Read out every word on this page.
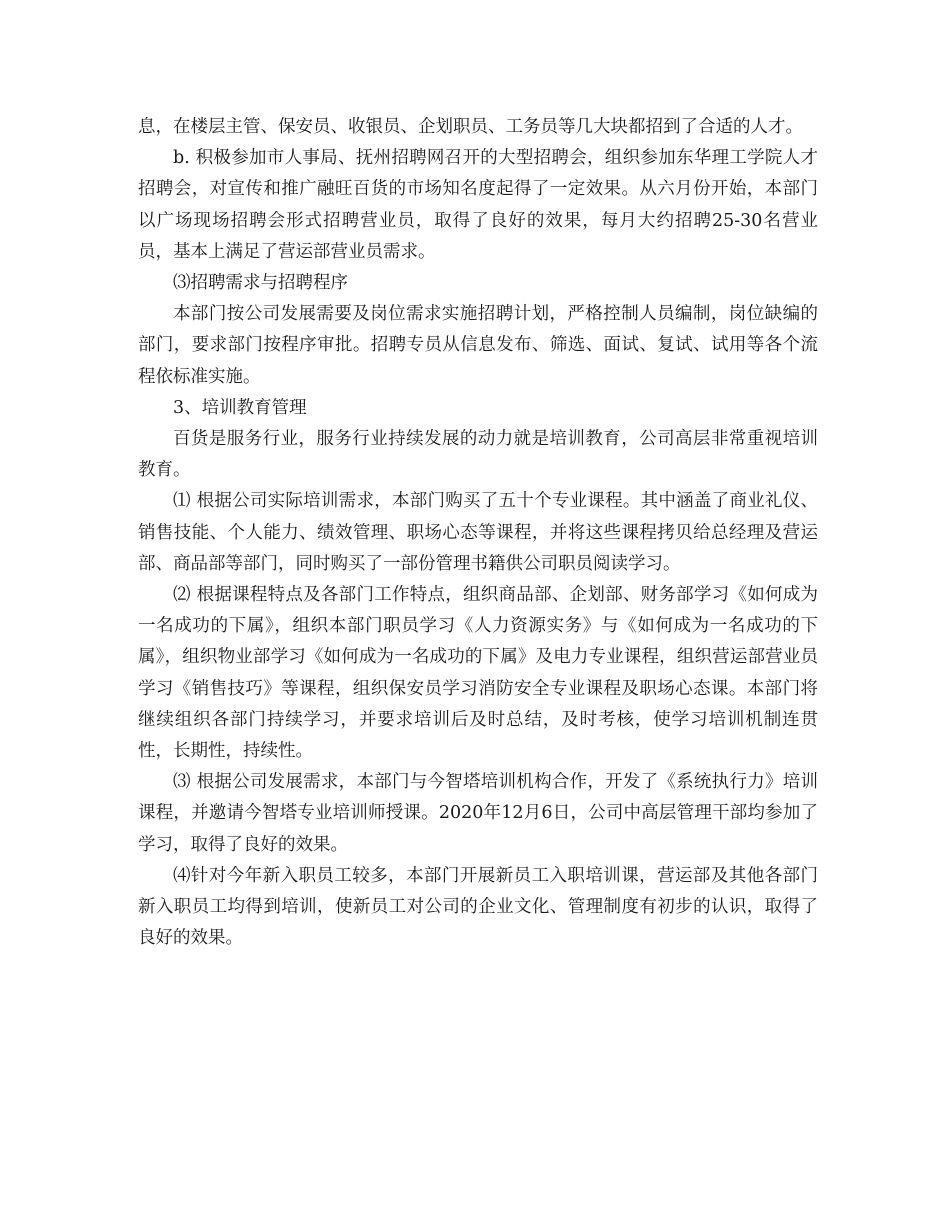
息，在楼层主管、保安员、收银员、企划职员、工务员等几大块都招到了合适的人才。

b. 积极参加市人事局、抚州招聘网召开的大型招聘会，组织参加东华理工学院人才招聘会，对宣传和推广融旺百货的市场知名度起得了一定效果。从六月份开始，本部门以广场现场招聘会形式招聘营业员，取得了良好的效果，每月大约招聘25-30名营业员，基本上满足了营运部营业员需求。

⑶招聘需求与招聘程序

本部门按公司发展需要及岗位需求实施招聘计划，严格控制人员编制，岗位缺编的部门，要求部门按程序审批。招聘专员从信息发布、筛选、面试、复试、试用等各个流程依标准实施。

3、培训教育管理

百货是服务行业，服务行业持续发展的动力就是培训教育，公司高层非常重视培训教育。

⑴ 根据公司实际培训需求，本部门购买了五十个专业课程。其中涵盖了商业礼仪、销售技能、个人能力、绩效管理、职场心态等课程，并将这些课程拷贝给总经理及营运部、商品部等部门，同时购买了一部份管理书籍供公司职员阅读学习。

⑵ 根据课程特点及各部门工作特点，组织商品部、企划部、财务部学习《如何成为一名成功的下属》，组织本部门职员学习《人力资源实务》与《如何成为一名成功的下属》，组织物业部学习《如何成为一名成功的下属》及电力专业课程，组织营运部营业员学习《销售技巧》等课程，组织保安员学习消防安全专业课程及职场心态课。本部门将继续组织各部门持续学习，并要求培训后及时总结，及时考核，使学习培训机制连贯性，长期性，持续性。

⑶ 根据公司发展需求，本部门与今智塔培训机构合作，开发了《系统执行力》培训课程，并邀请今智塔专业培训师授课。2020年12月6日，公司中高层管理干部均参加了学习，取得了良好的效果。

⑷针对今年新入职员工较多，本部门开展新员工入职培训课，营运部及其他各部门新入职员工均得到培训，使新员工对公司的企业文化、管理制度有初步的认识，取得了良好的效果。
